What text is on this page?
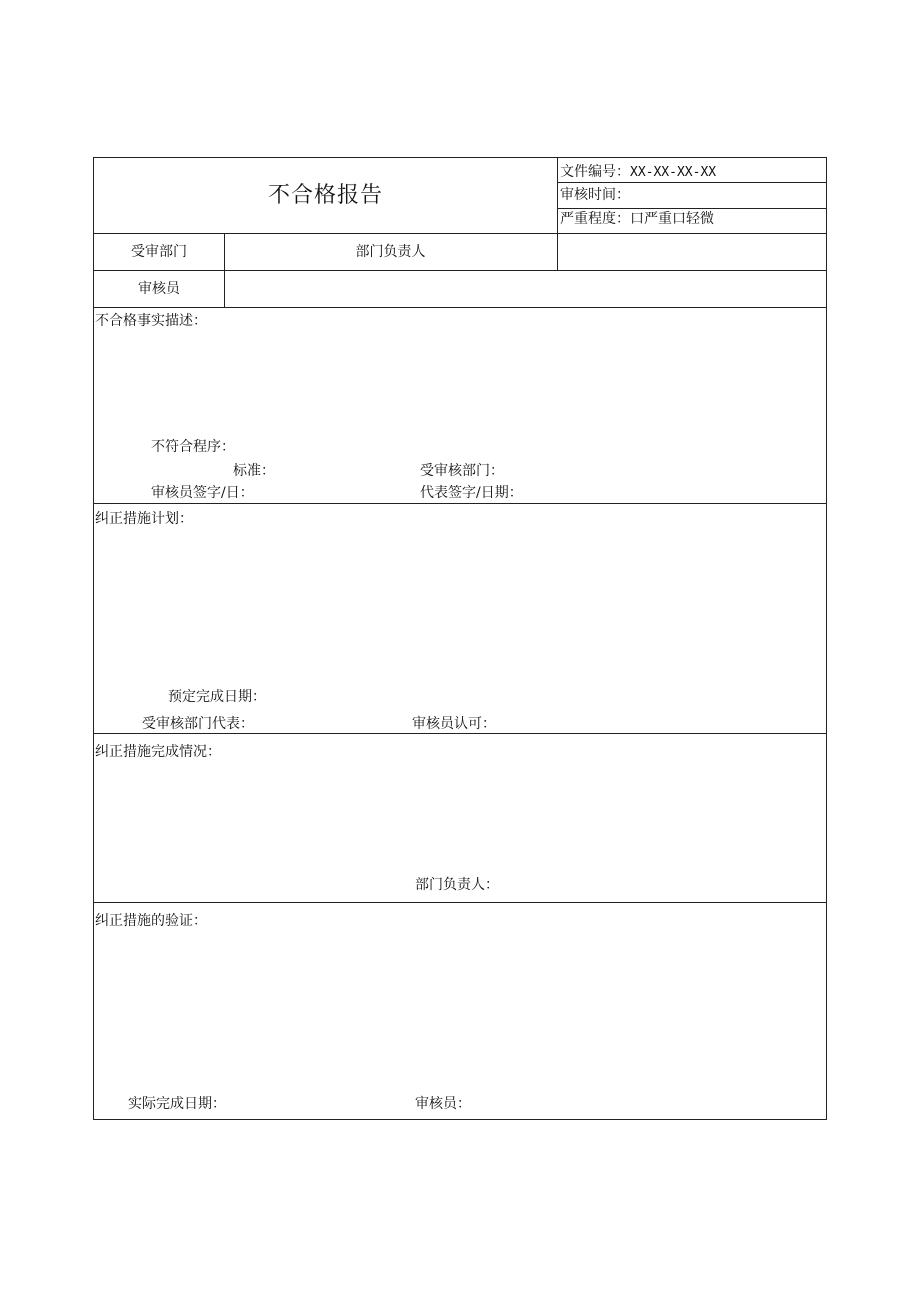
不合格报告
文件编号：XX-XX-XX-XX
审核时间：
严重程度：口严重口轻微
受审部门	部门负责人
审核员
不合格事实描述：
不符合程序：
标准：	受审核部门：
审核员签字/日：	代表签字/日期：
纠正措施计划：
预定完成日期：
受审核部门代表：	审核员认可：
纠正措施完成情况：
部门负责人：
纠正措施的验证：
实际完成日期：	审核员：
